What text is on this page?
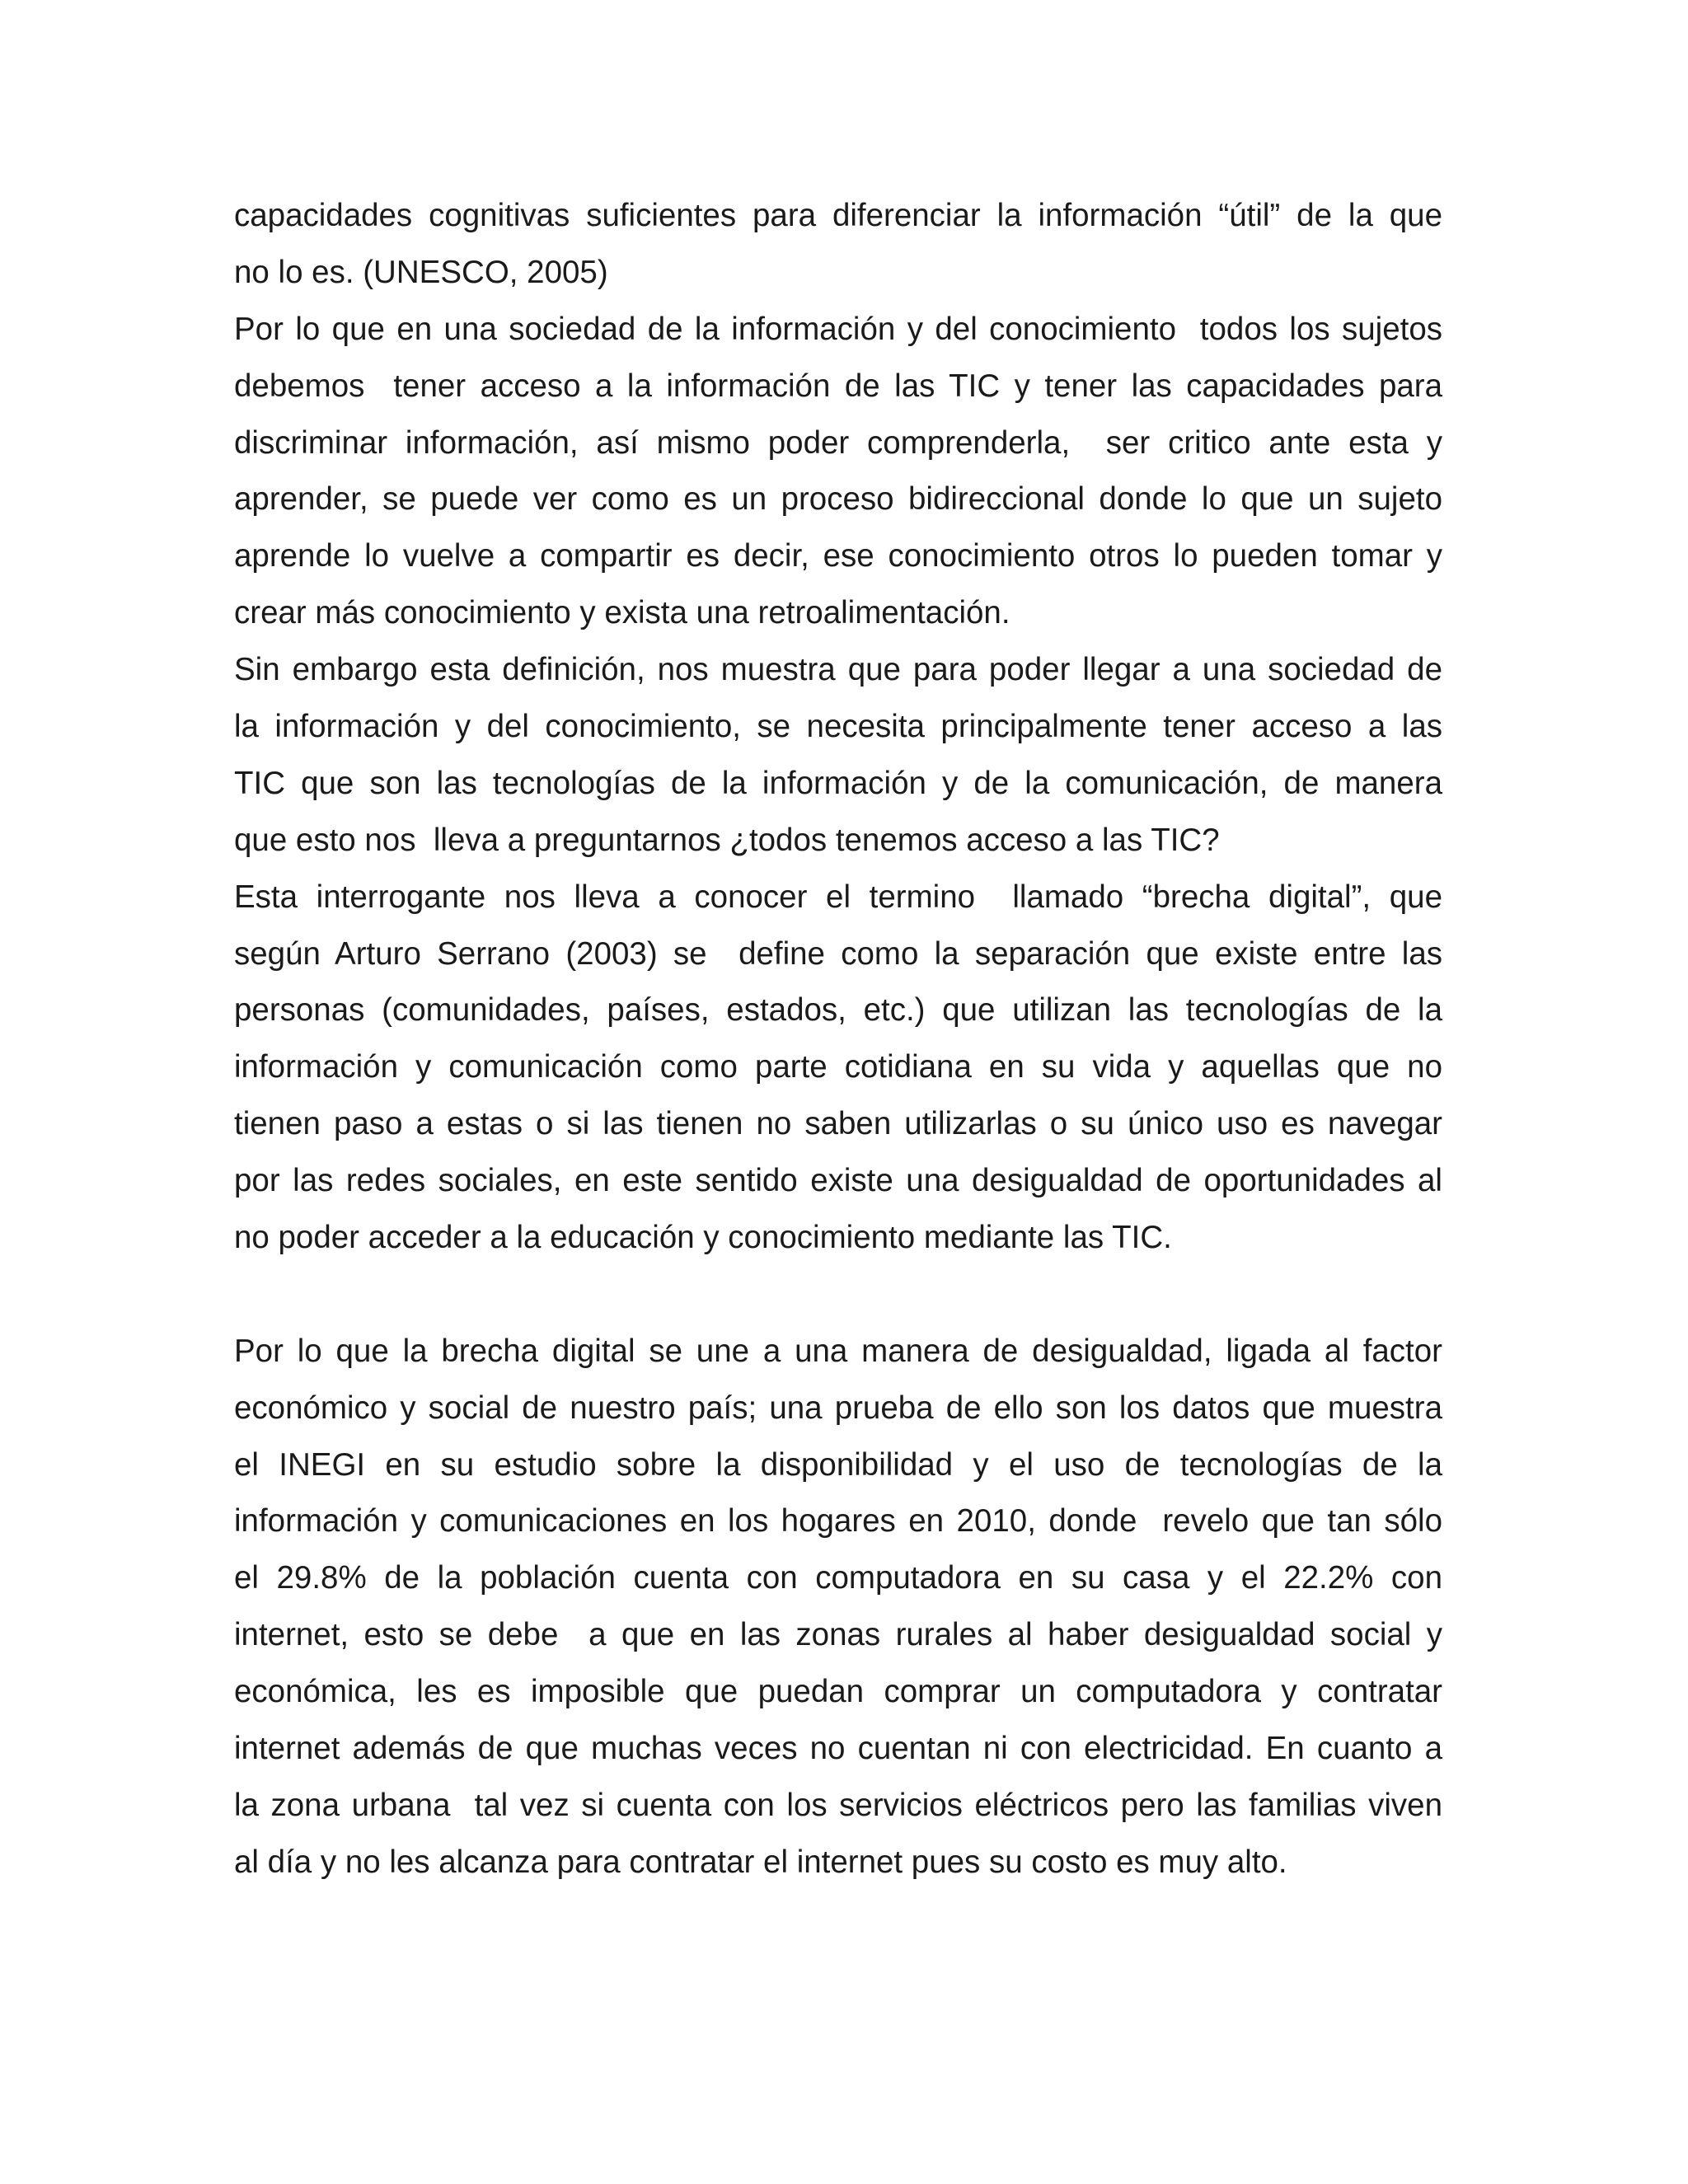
capacidades cognitivas suficientes para diferenciar la información “útil” de la que
no lo es. (UNESCO, 2005)
Por lo que en una sociedad de la información y del conocimiento  todos los sujetos
debemos  tener acceso a la información de las TIC y tener las capacidades para
discriminar información, así mismo poder comprenderla,  ser critico ante esta y
aprender, se puede ver como es un proceso bidireccional donde lo que un sujeto
aprende lo vuelve a compartir es decir, ese conocimiento otros lo pueden tomar y
crear más conocimiento y exista una retroalimentación.
Sin embargo esta definición, nos muestra que para poder llegar a una sociedad de
la información y del conocimiento, se necesita principalmente tener acceso a las
TIC que son las tecnologías de la información y de la comunicación, de manera
que esto nos  lleva a preguntarnos ¿todos tenemos acceso a las TIC?
Esta interrogante nos lleva a conocer el termino  llamado “brecha digital”, que
según Arturo Serrano (2003) se  define como la separación que existe entre las
personas (comunidades, países, estados, etc.) que utilizan las tecnologías de la
información y comunicación como parte cotidiana en su vida y aquellas que no
tienen paso a estas o si las tienen no saben utilizarlas o su único uso es navegar
por las redes sociales, en este sentido existe una desigualdad de oportunidades al
no poder acceder a la educación y conocimiento mediante las TIC.
Por lo que la brecha digital se une a una manera de desigualdad, ligada al factor
económico y social de nuestro país; una prueba de ello son los datos que muestra
el INEGI en su estudio sobre la disponibilidad y el uso de tecnologías de la
información y comunicaciones en los hogares en 2010, donde  revelo que tan sólo
el 29.8% de la población cuenta con computadora en su casa y el 22.2% con
internet, esto se debe  a que en las zonas rurales al haber desigualdad social y
económica, les es imposible que puedan comprar un computadora y contratar
internet además de que muchas veces no cuentan ni con electricidad. En cuanto a
la zona urbana  tal vez si cuenta con los servicios eléctricos pero las familias viven
al día y no les alcanza para contratar el internet pues su costo es muy alto.
